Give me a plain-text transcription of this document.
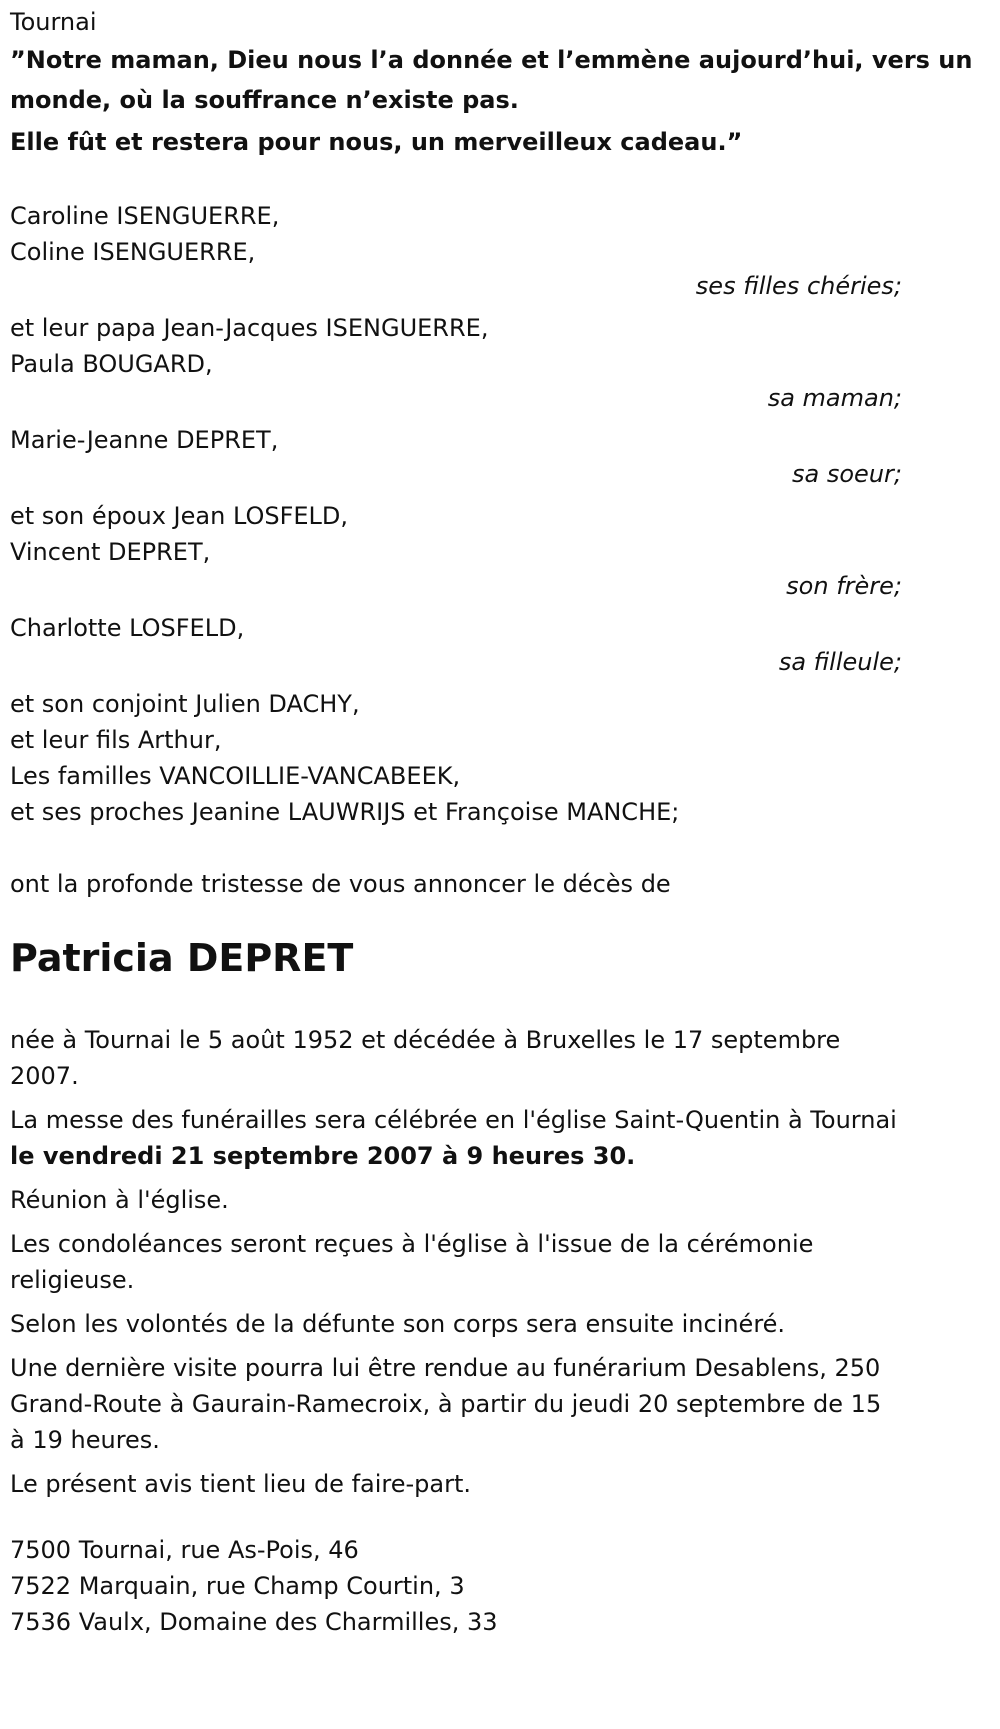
Tournai
”Notre maman, Dieu nous l’a donnée et l’emmène aujourd’hui, vers un
monde, où la souffrance n’existe pas.
Elle fût et restera pour nous, un merveilleux cadeau.”
Caroline ISENGUERRE,
Coline ISENGUERRE,
ses filles chéries;
et leur papa Jean-Jacques ISENGUERRE,
Paula BOUGARD,
sa maman;
Marie-Jeanne DEPRET,
sa soeur;
et son époux Jean LOSFELD,
Vincent DEPRET,
son frère;
Charlotte LOSFELD,
sa filleule;
et son conjoint Julien DACHY,
et leur fils Arthur,
Les familles VANCOILLIE-VANCABEEK,
et ses proches Jeanine LAUWRIJS et Françoise MANCHE;
ont la profonde tristesse de vous annoncer le décès de
Patricia DEPRET

née à Tournai le 5 août 1952 et décédée à Bruxelles le 17 septembre 2007.

La messe des funérailles sera célébrée en l'église Saint-Quentin à Tournai
le vendredi 21 septembre 2007 à 9 heures 30.

Réunion à l'église.

Les condoléances seront reçues à l'église à l'issue de la cérémonie religieuse.

Selon les volontés de la défunte son corps sera ensuite incinéré.

Une dernière visite pourra lui être rendue au funérarium Desablens, 250 Grand-Route à Gaurain-Ramecroix, à partir du jeudi 20 septembre de 15 à 19 heures.

Le présent avis tient lieu de faire-part.

7500 Tournai, rue As-Pois, 46
7522 Marquain, rue Champ Courtin, 3
7536 Vaulx, Domaine des Charmilles, 33
